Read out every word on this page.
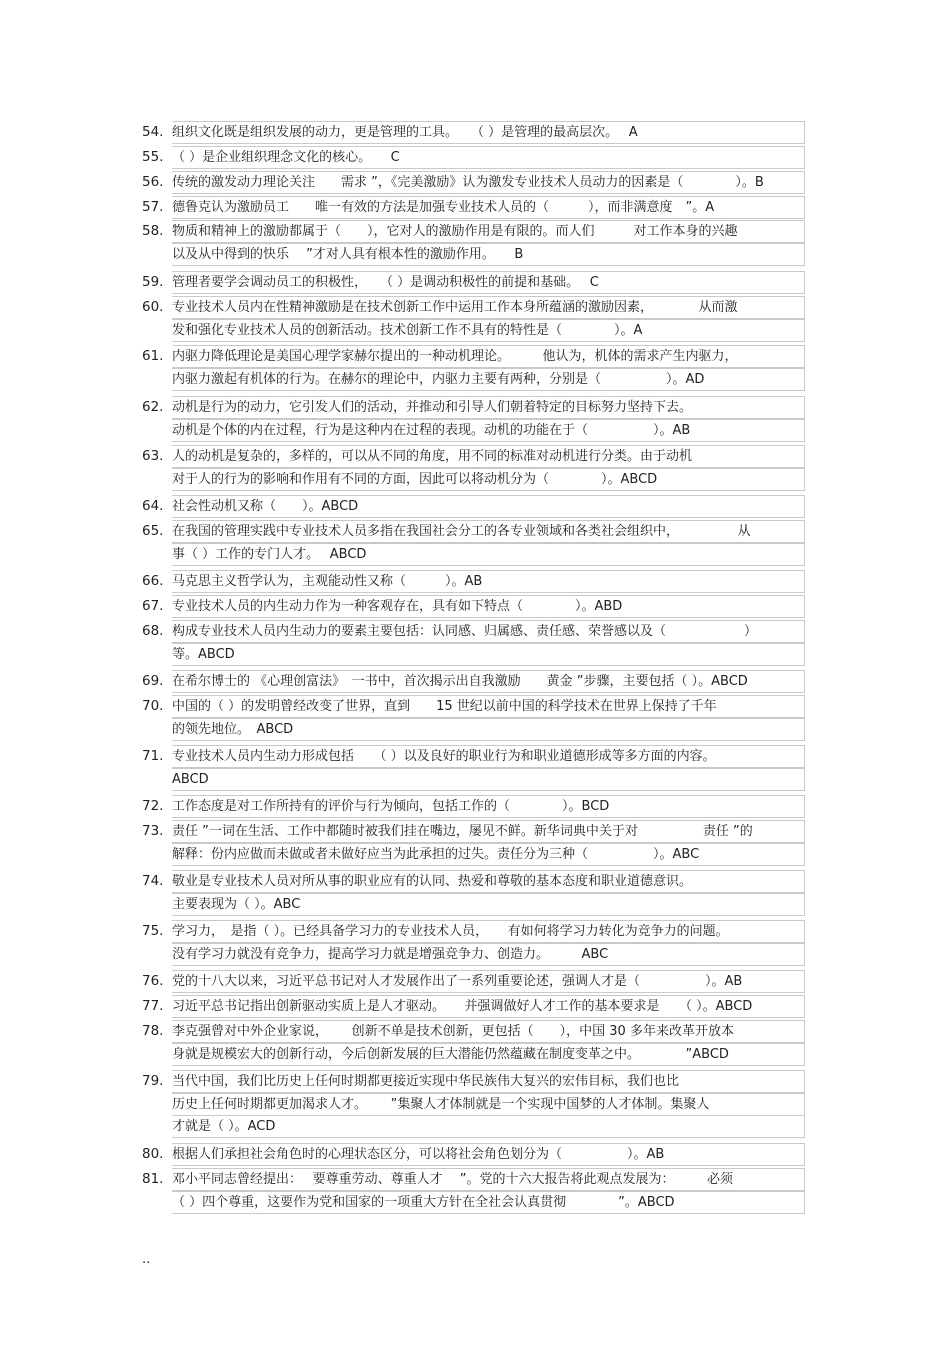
54. 组织文化既是组织发展的动力，更是管理的工具。　　（ ）是管理的最高层次。　 A
55. （ ）是企业组织理念文化的核心。　　C
56. 传统的激发动力理论关注　　需求 ”，《完美激励》认为激发专业技术人员动力的因素是（　　　　）。B
57. 德鲁克认为激励员工　　唯一有效的方法是加强专业技术人员的（　　　），而非满意度　”。A
58. 物质和精神上的激励都属于（　　），它对人的激励作用是有限的。而人们　　　对工作本身的兴趣
以及从中得到的快乐　 ”才对人具有根本性的激励作用。　　B
59. 管理者要学会调动员工的积极性，　　（ ）是调动积极性的前提和基础。　 C
60. 专业技术人员内在性精神激励是在技术创新工作中运用工作本身所蕴涵的激励因素，　　　　从而激
发和强化专业技术人员的创新活动。技术创新工作不具有的特性是（　　　　）。A
61. 内驱力降低理论是美国心理学家赫尔提出的一种动机理论。　　　他认为，机体的需求产生内驱力，
内驱力激起有机体的行为。在赫尔的理论中，内驱力主要有两种，分别是（　　　　　）。AD
62. 动机是行为的动力，它引发人们的活动，并推动和引导人们朝着特定的目标努力坚持下去。
动机是个体的内在过程，行为是这种内在过程的表现。动机的功能在于（　　　　　）。AB
63. 人的动机是复杂的，多样的，可以从不同的角度，用不同的标准对动机进行分类。由于动机
对于人的行为的影响和作用有不同的方面，因此可以将动机分为（　　　　）。ABCD
64. 社会性动机又称（　　）。ABCD
65. 在我国的管理实践中专业技术人员多指在我国社会分工的各专业领域和各类社会组织中，　　　　　从
事（ ）工作的专门人才。　 ABCD
66. 马克思主义哲学认为，主观能动性又称（　　　）。AB
67. 专业技术人员的内生动力作为一种客观存在，具有如下特点（　　　　）。ABD
68. 构成专业技术人员内生动力的要素主要包括：认同感、归属感、责任感、荣誉感以及（　　　　　　）
等。ABCD
69. 在希尔博士的 《心理创富法》　一书中，首次揭示出自我激励　　黄金 ”步骤，主要包括（ ）。ABCD
70. 中国的（ ）的发明曾经改变了世界，直到　　15 世纪以前中国的科学技术在世界上保持了千年
的领先地位。　ABCD
71. 专业技术人员内生动力形成包括　　（ ）以及良好的职业行为和职业道德形成等多方面的内容。
ABCD
72. 工作态度是对工作所持有的评价与行为倾向，包括工作的（　　　　）。BCD
73. 责任 ”一词在生活、工作中都随时被我们挂在嘴边，屡见不鲜。新华词典中关于对　　　　　责任 ”的
解释：份内应做而未做或者未做好应当为此承担的过失。责任分为三种（　　　　　）。ABC
74. 敬业是专业技术人员对所从事的职业应有的认同、热爱和尊敬的基本态度和职业道德意识。
主要表现为（ ）。ABC
75. 学习力，　是指（ ）。已经具备学习力的专业技术人员，　　有如何将学习力转化为竞争力的问题。
没有学习力就没有竞争力，提高学习力就是增强竞争力、创造力。　　　ABC
76. 党的十八大以来，习近平总书记对人才发展作出了一系列重要论述，强调人才是（　　　　　）。AB
77. 习近平总书记指出创新驱动实质上是人才驱动。　　并强调做好人才工作的基本要求是　　（ ）。ABCD
78. 李克强曾对中外企业家说，　　 创新不单是技术创新，更包括（　　），中国 30 多年来改革开放本
身就是规模宏大的创新行动，今后创新发展的巨大潜能仍然蕴藏在制度变革之中。　　　　”ABCD
79. 当代中国，我们比历史上任何时期都更接近实现中华民族伟大复兴的宏伟目标，我们也比
历史上任何时期都更加渴求人才。　　 ”集聚人才体制就是一个实现中国梦的人才体制。集聚人
才就是（ ）。ACD
80. 根据人们承担社会角色时的心理状态区分，可以将社会角色划分为（　　　　　）。AB
81. 邓小平同志曾经提出：　 要尊重劳动、尊重人才　 ”。党的十六大报告将此观点发展为：　　　必须
（ ）四个尊重，这要作为党和国家的一项重大方针在全社会认真贯彻　　　　”。ABCD
..
